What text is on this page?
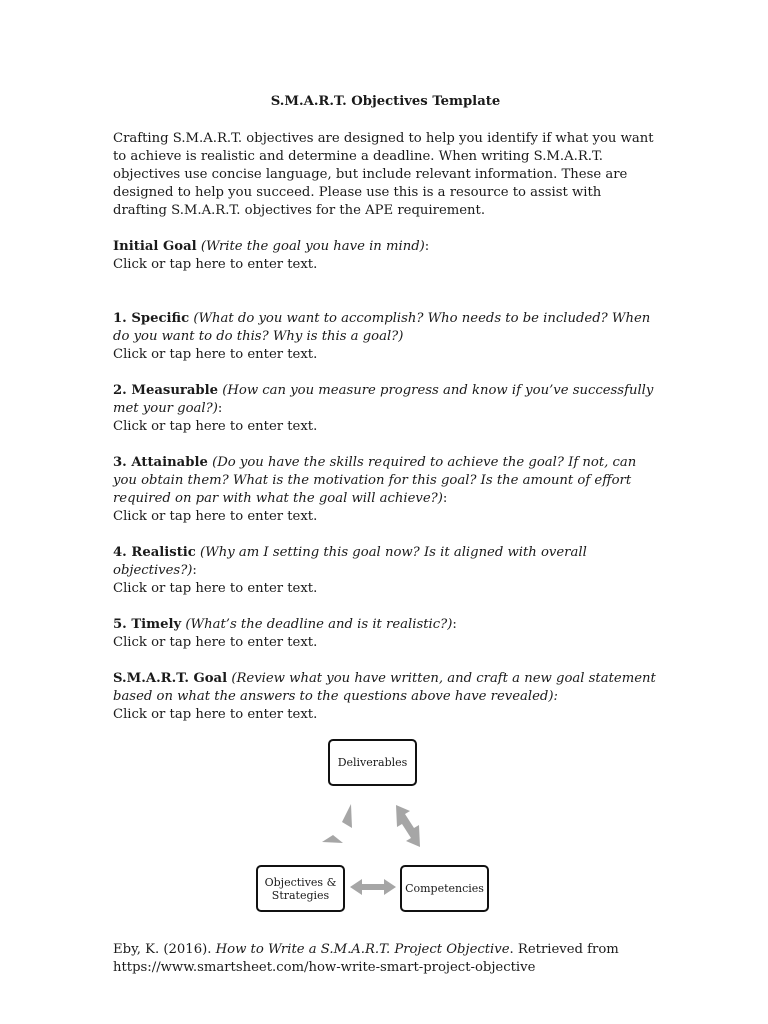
S.M.A.R.T. Objectives Template

Crafting S.M.A.R.T. objectives are designed to help you identify if what you want to achieve is realistic and determine a deadline. When writing S.M.A.R.T. objectives use concise language, but include relevant information. These are designed to help you succeed. Please use this is a resource to assist with drafting S.M.A.R.T. objectives for the APE requirement.

Initial Goal (Write the goal you have in mind):
Click or tap here to enter text.
1. Specific (What do you want to accomplish? Who needs to be included? When do you want to do this? Why is this a goal?)
Click or tap here to enter text.
2. Measurable (How can you measure progress and know if you’ve successfully met your goal?):
Click or tap here to enter text.
3. Attainable (Do you have the skills required to achieve the goal? If not, can you obtain them? What is the motivation for this goal? Is the amount of effort required on par with what the goal will achieve?):
Click or tap here to enter text.
4. Realistic (Why am I setting this goal now? Is it aligned with overall objectives?):
Click or tap here to enter text.
5. Timely (What’s the deadline and is it realistic?):
Click or tap here to enter text.
S.M.A.R.T. Goal (Review what you have written, and craft a new goal statement based on what the answers to the questions above have revealed):
Click or tap here to enter text.
Deliverables
Objectives &
Strategies	Competencies
Eby, K. (2016). How to Write a S.M.A.R.T. Project Objective. Retrieved from
https://www.smartsheet.com/how-write-smart-project-objective
